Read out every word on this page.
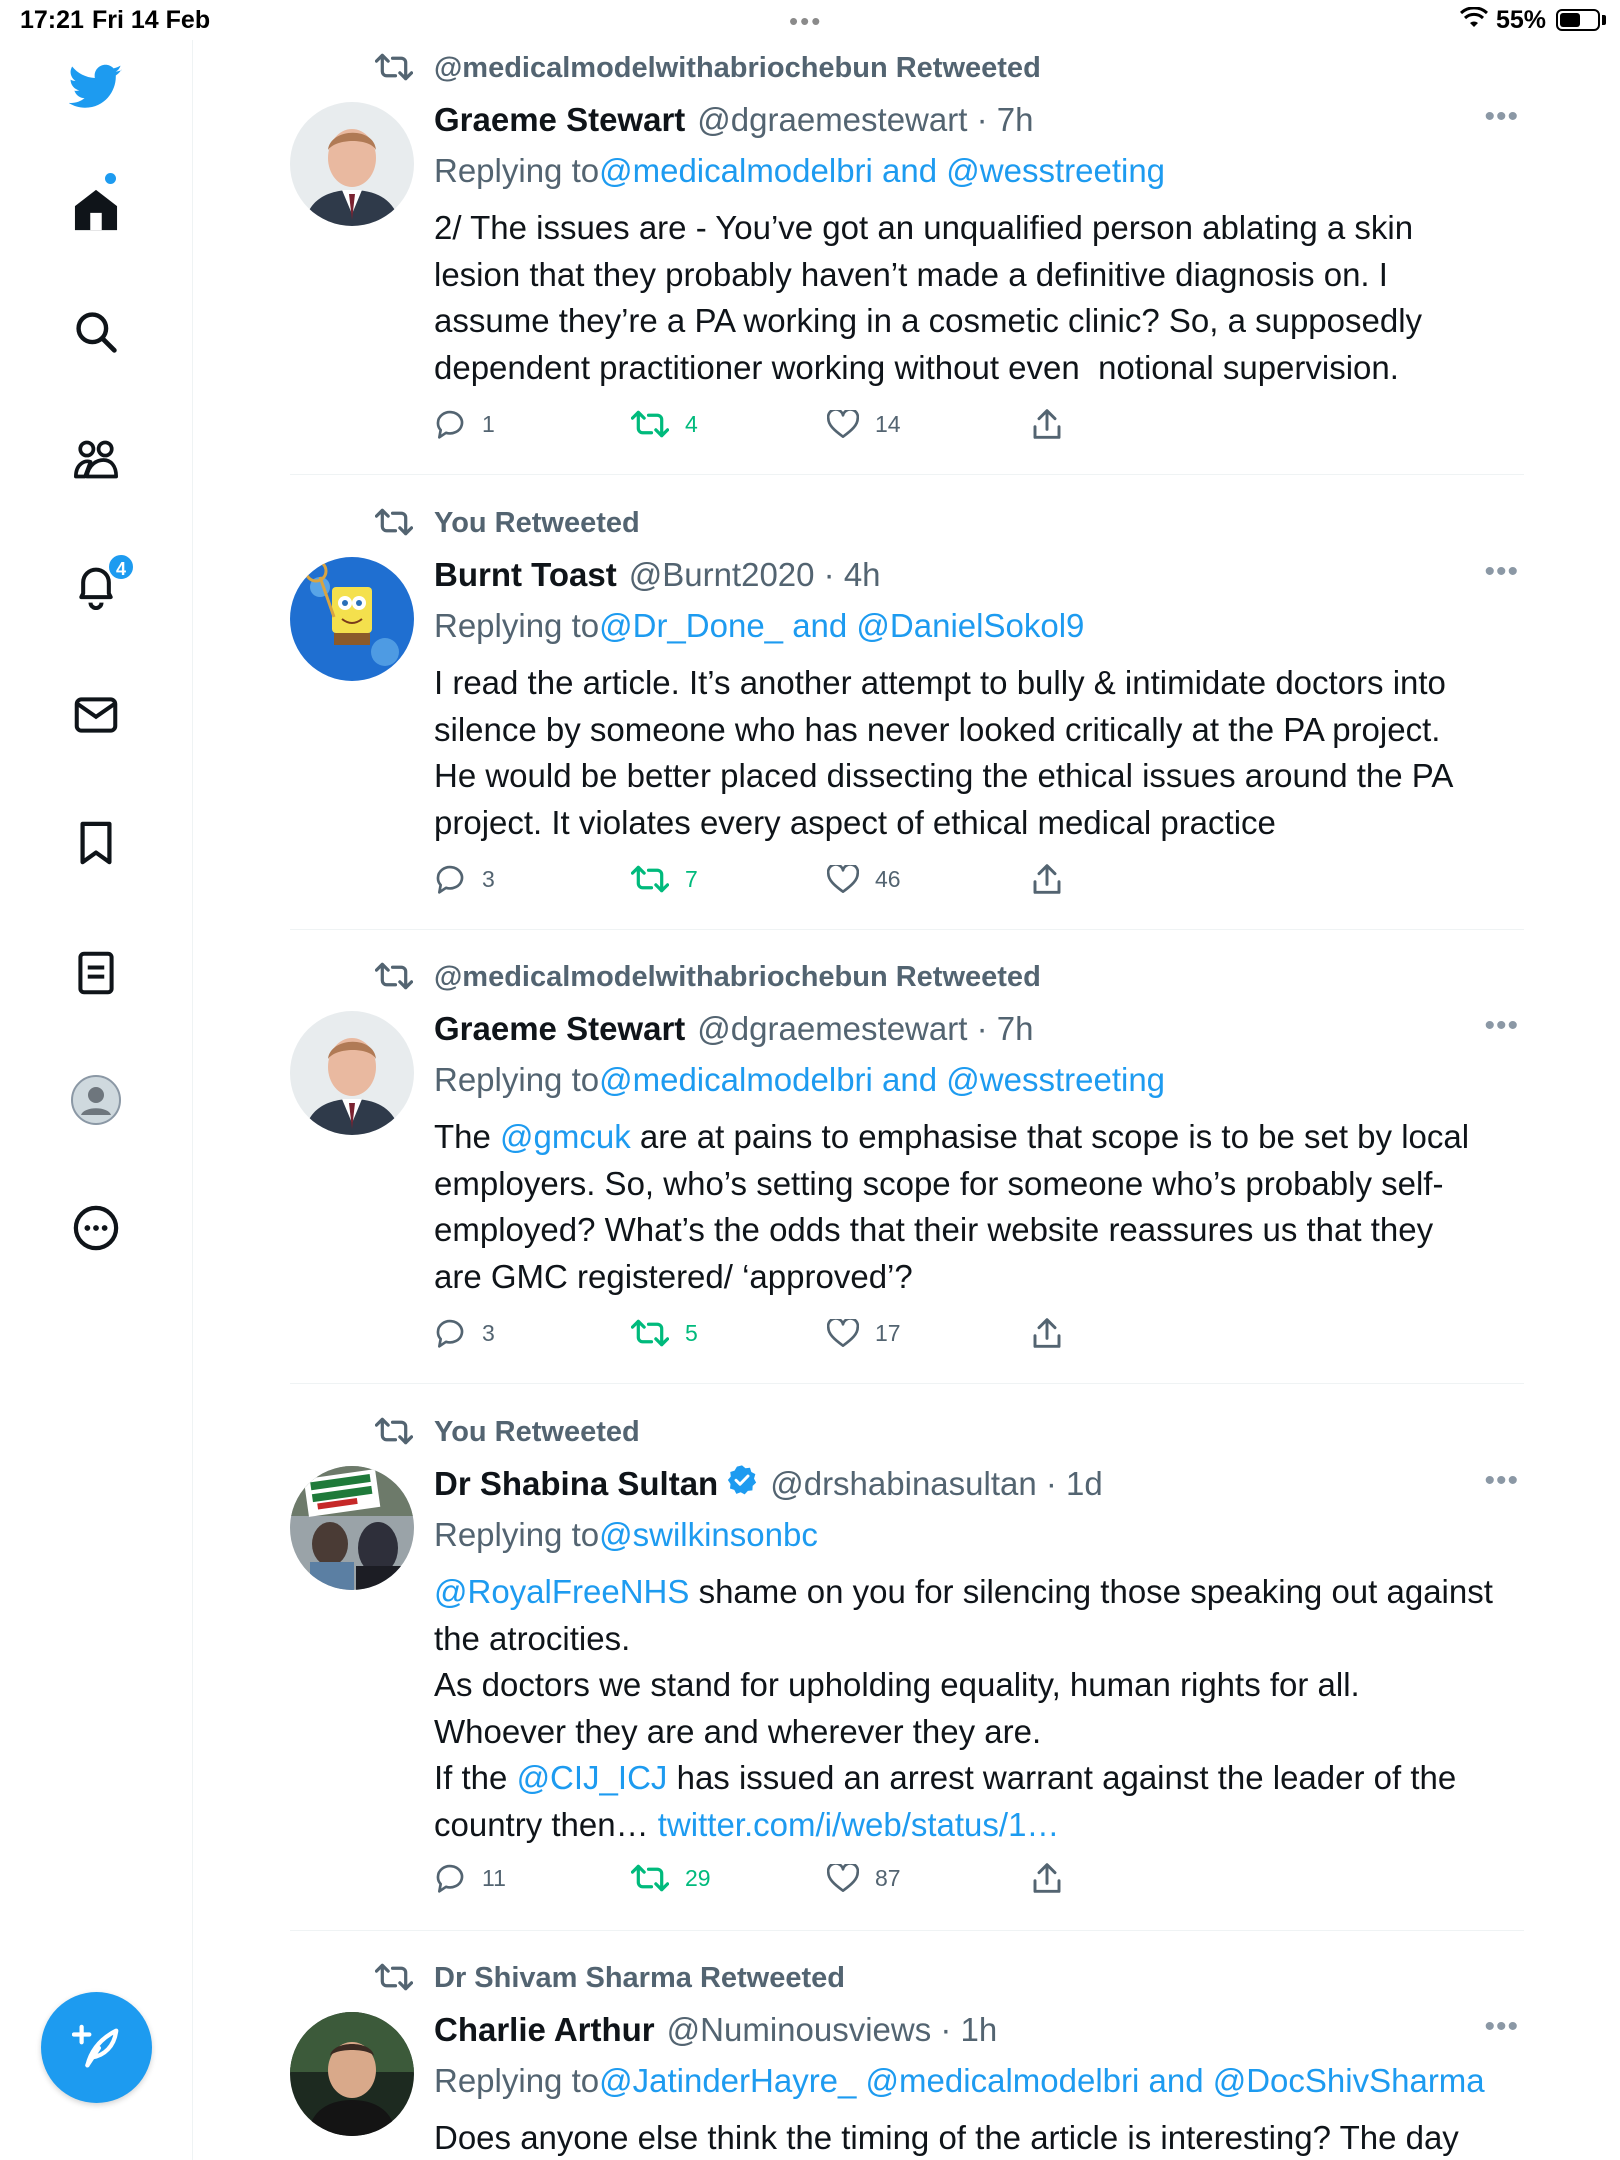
17:21 Fri 14 Feb	•••	55%
4
@medicalmodelwithabriochebun Retweeted
Graeme Stewart @dgraemestewart · 7h	•••
Replying to @medicalmodelbri and @wesstreeting
2/ The issues are - You’ve got an unqualified person ablating a skin
lesion that they probably haven’t made a definitive diagnosis on. I
assume they’re a PA working in a cosmetic clinic? So, a supposedly
dependent practitioner working without even  notional supervision.
1	4	14
You Retweeted
Burnt Toast @Burnt2020 · 4h	•••
Replying to @Dr_Done_ and @DanielSokol9
I read the article. It’s another attempt to bully & intimidate doctors into
silence by someone who has never looked critically at the PA project.
He would be better placed dissecting the ethical issues around the PA
project. It violates every aspect of ethical medical practice
3	7	46
@medicalmodelwithabriochebun Retweeted
Graeme Stewart @dgraemestewart · 7h	•••
Replying to @medicalmodelbri and @wesstreeting
The @gmcuk are at pains to emphasise that scope is to be set by local
employers. So, who’s setting scope for someone who’s probably self-
employed? What’s the odds that their website reassures us that they
are GMC registered/ ‘approved’?
3	5	17
You Retweeted
Dr Shabina Sultan @drshabinasultan · 1d	•••
Replying to @swilkinsonbc
@RoyalFreeNHS shame on you for silencing those speaking out against
the atrocities.
As doctors we stand for upholding equality, human rights for all.
Whoever they are and wherever they are.
If the @CIJ_ICJ has issued an arrest warrant against the leader of the
country then… twitter.com/i/web/status/1…
11	29	87
Dr Shivam Sharma Retweeted
Charlie Arthur @Numinousviews · 1h	•••
Replying to @JatinderHayre_ @medicalmodelbri and @DocShivSharma
Does anyone else think the timing of the article is interesting? The day
